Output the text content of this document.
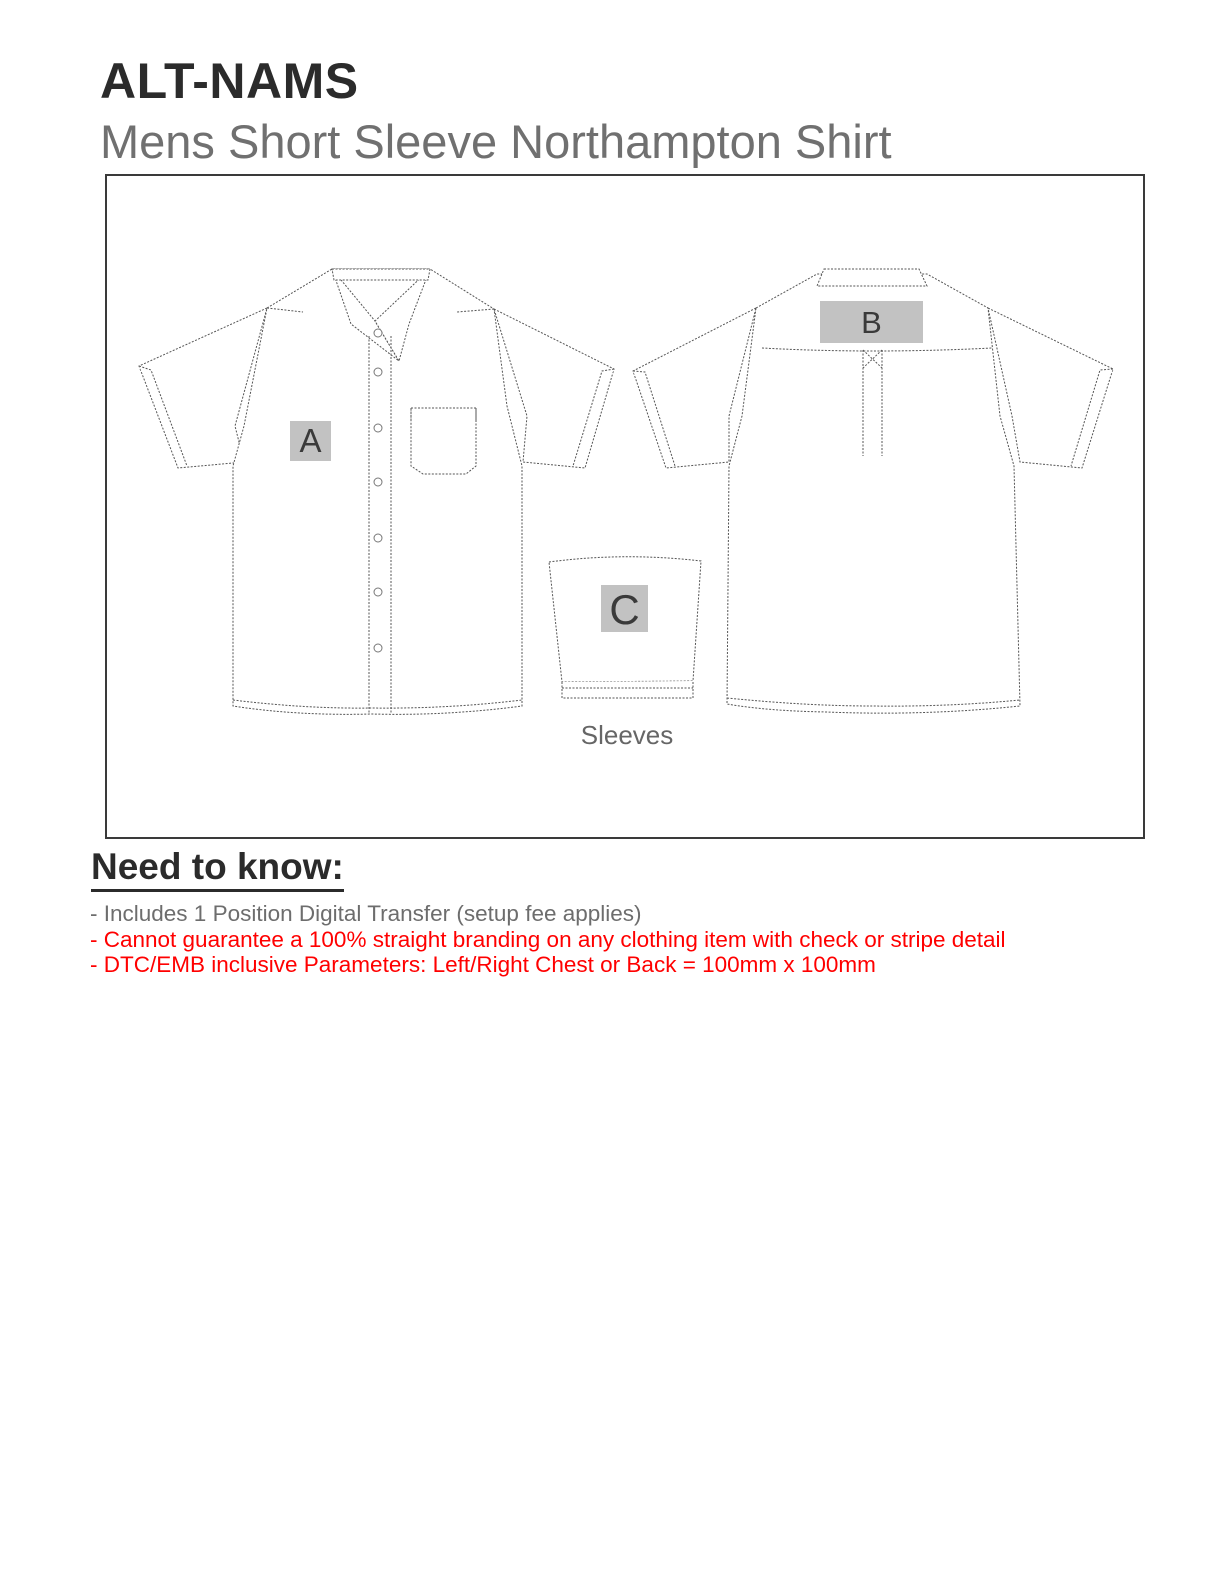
ALT-NAMS
Mens Short Sleeve Northampton Shirt
A
B
C
Sleeves
Need to know:
- Includes 1 Position Digital Transfer (setup fee applies)
- Cannot guarantee a 100% straight branding on any clothing item with check or stripe detail
- DTC/EMB inclusive Parameters: Left/Right Chest or Back = 100mm x 100mm
